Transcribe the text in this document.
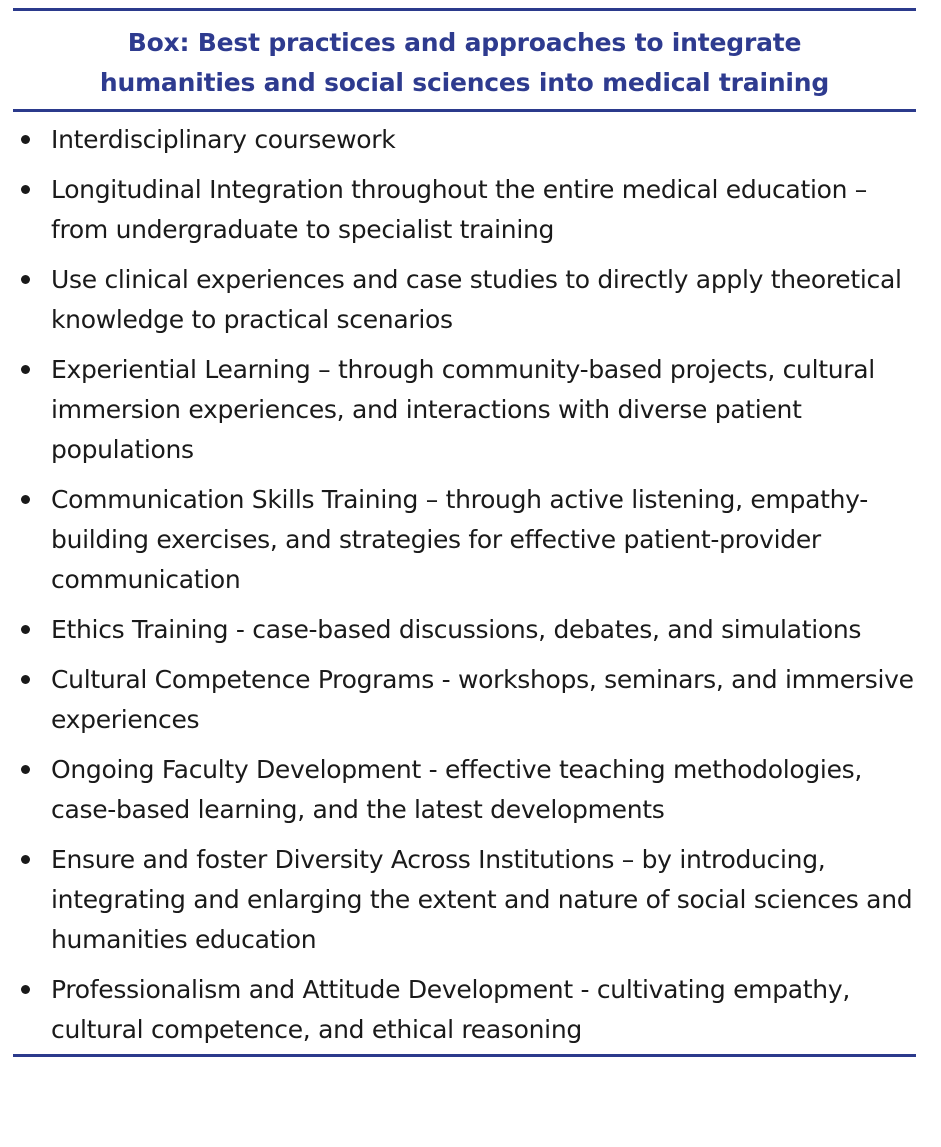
Box: Best practices and approaches to integrate
humanities and social sciences into medical training
Interdisciplinary coursework
Longitudinal Integration throughout the entire medical education – from undergraduate to specialist training
Use clinical experiences and case studies to directly apply theoretical knowledge to practical scenarios
Experiential Learning – through community-based projects, cultural immersion experiences, and interactions with diverse patient populations
Communication Skills Training – through active listening, empathy-building exercises, and strategies for effective patient-provider communication
Ethics Training - case-based discussions, debates, and simulations
Cultural Competence Programs - workshops, seminars, and immersive experiences
Ongoing Faculty Development - effective teaching methodologies, case-based learning, and the latest developments
Ensure and foster Diversity Across Institutions – by introducing, integrating and enlarging the extent and nature of social sciences and humanities education
Professionalism and Attitude Development - cultivating empathy, cultural competence, and ethical reasoning
